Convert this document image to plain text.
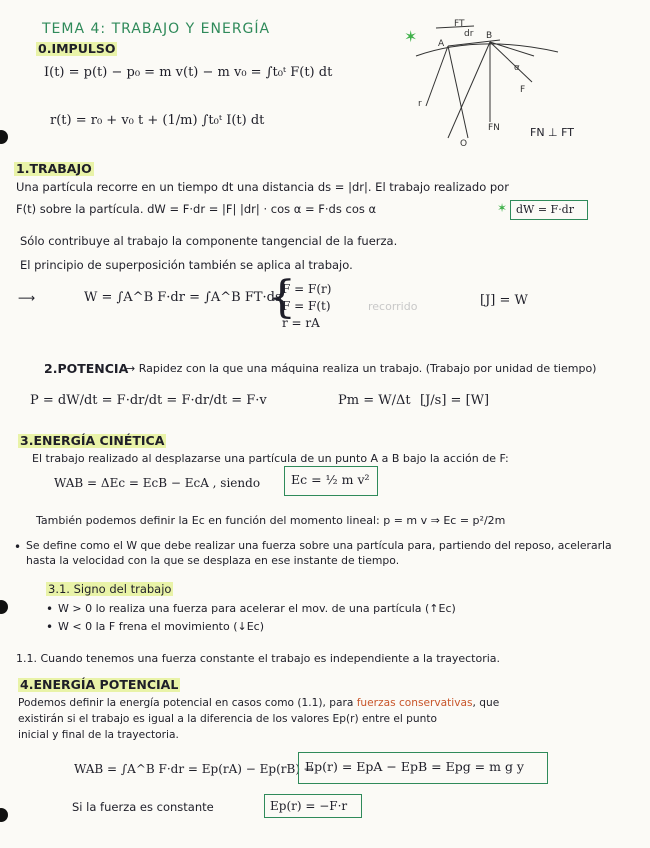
TEMA 4: TRABAJO Y ENERGÍA	✶
0.IMPULSO
I(t) = p(t) − p₀ = m v(t) − m v₀ = ∫t₀ᵗ F(t) dt
r(t) = r₀ + v₀ t + (1/m) ∫t₀ᵗ I(t) dt
FT
A
dr B
α
F
r
FN
O
FN ⊥ FT
1.TRABAJO
Una partícula recorre en un tiempo dt una distancia ds = |dr|. El trabajo realizado por
F(t) sobre la partícula. dW = F·dr = |F| |dr| · cos α = F·ds cos α	✶ dW = F·dr
Sólo contribuye al trabajo la componente tangencial de la fuerza.
El principio de superposición también se aplica al trabajo.
⟶	W = ∫A^B F·dr = ∫A^B FT·ds
{
F = F(r)
F = F(t)
r = rA
recorrido	[J] = W
2.POTENCIA
→ Rapidez con la que una máquina realiza un trabajo. (Trabajo por unidad de tiempo)
P = dW/dt = F·dr/dt = F·dr/dt = F·v	Pm = W/Δt [J/s] = [W]
3.ENERGÍA CINÉTICA
El trabajo realizado al desplazarse una partícula de un punto A a B bajo la acción de F:
WAB = ΔEc = EcB − EcA , siendo Ec = ½ m v²
También podemos definir la Ec en función del momento lineal: p = m v ⇒ Ec = p²/2m
• Se define como el W que debe realizar una fuerza sobre una partícula para, partiendo del reposo, acelerarla hasta la velocidad con la que se desplaza en ese instante de tiempo.
3.1. Signo del trabajo
• W > 0 lo realiza una fuerza para acelerar el mov. de una partícula (↑Ec)
• W < 0 la F frena el movimiento (↓Ec)
1.1. Cuando tenemos una fuerza constante el trabajo es independiente a la trayectoria.
4.ENERGÍA POTENCIAL
Podemos definir la energía potencial en casos como (1.1), para fuerzas conservativas, que
existirán si el trabajo es igual a la diferencia de los valores Ep(r) entre el punto
inicial y final de la trayectoria.
WAB = ∫A^B F·dr = Ep(rA) − Ep(rB) →
Ep(r) = EpA − EpB = Epg = m g y
Si la fuerza es constante	Ep(r) = −F·r
